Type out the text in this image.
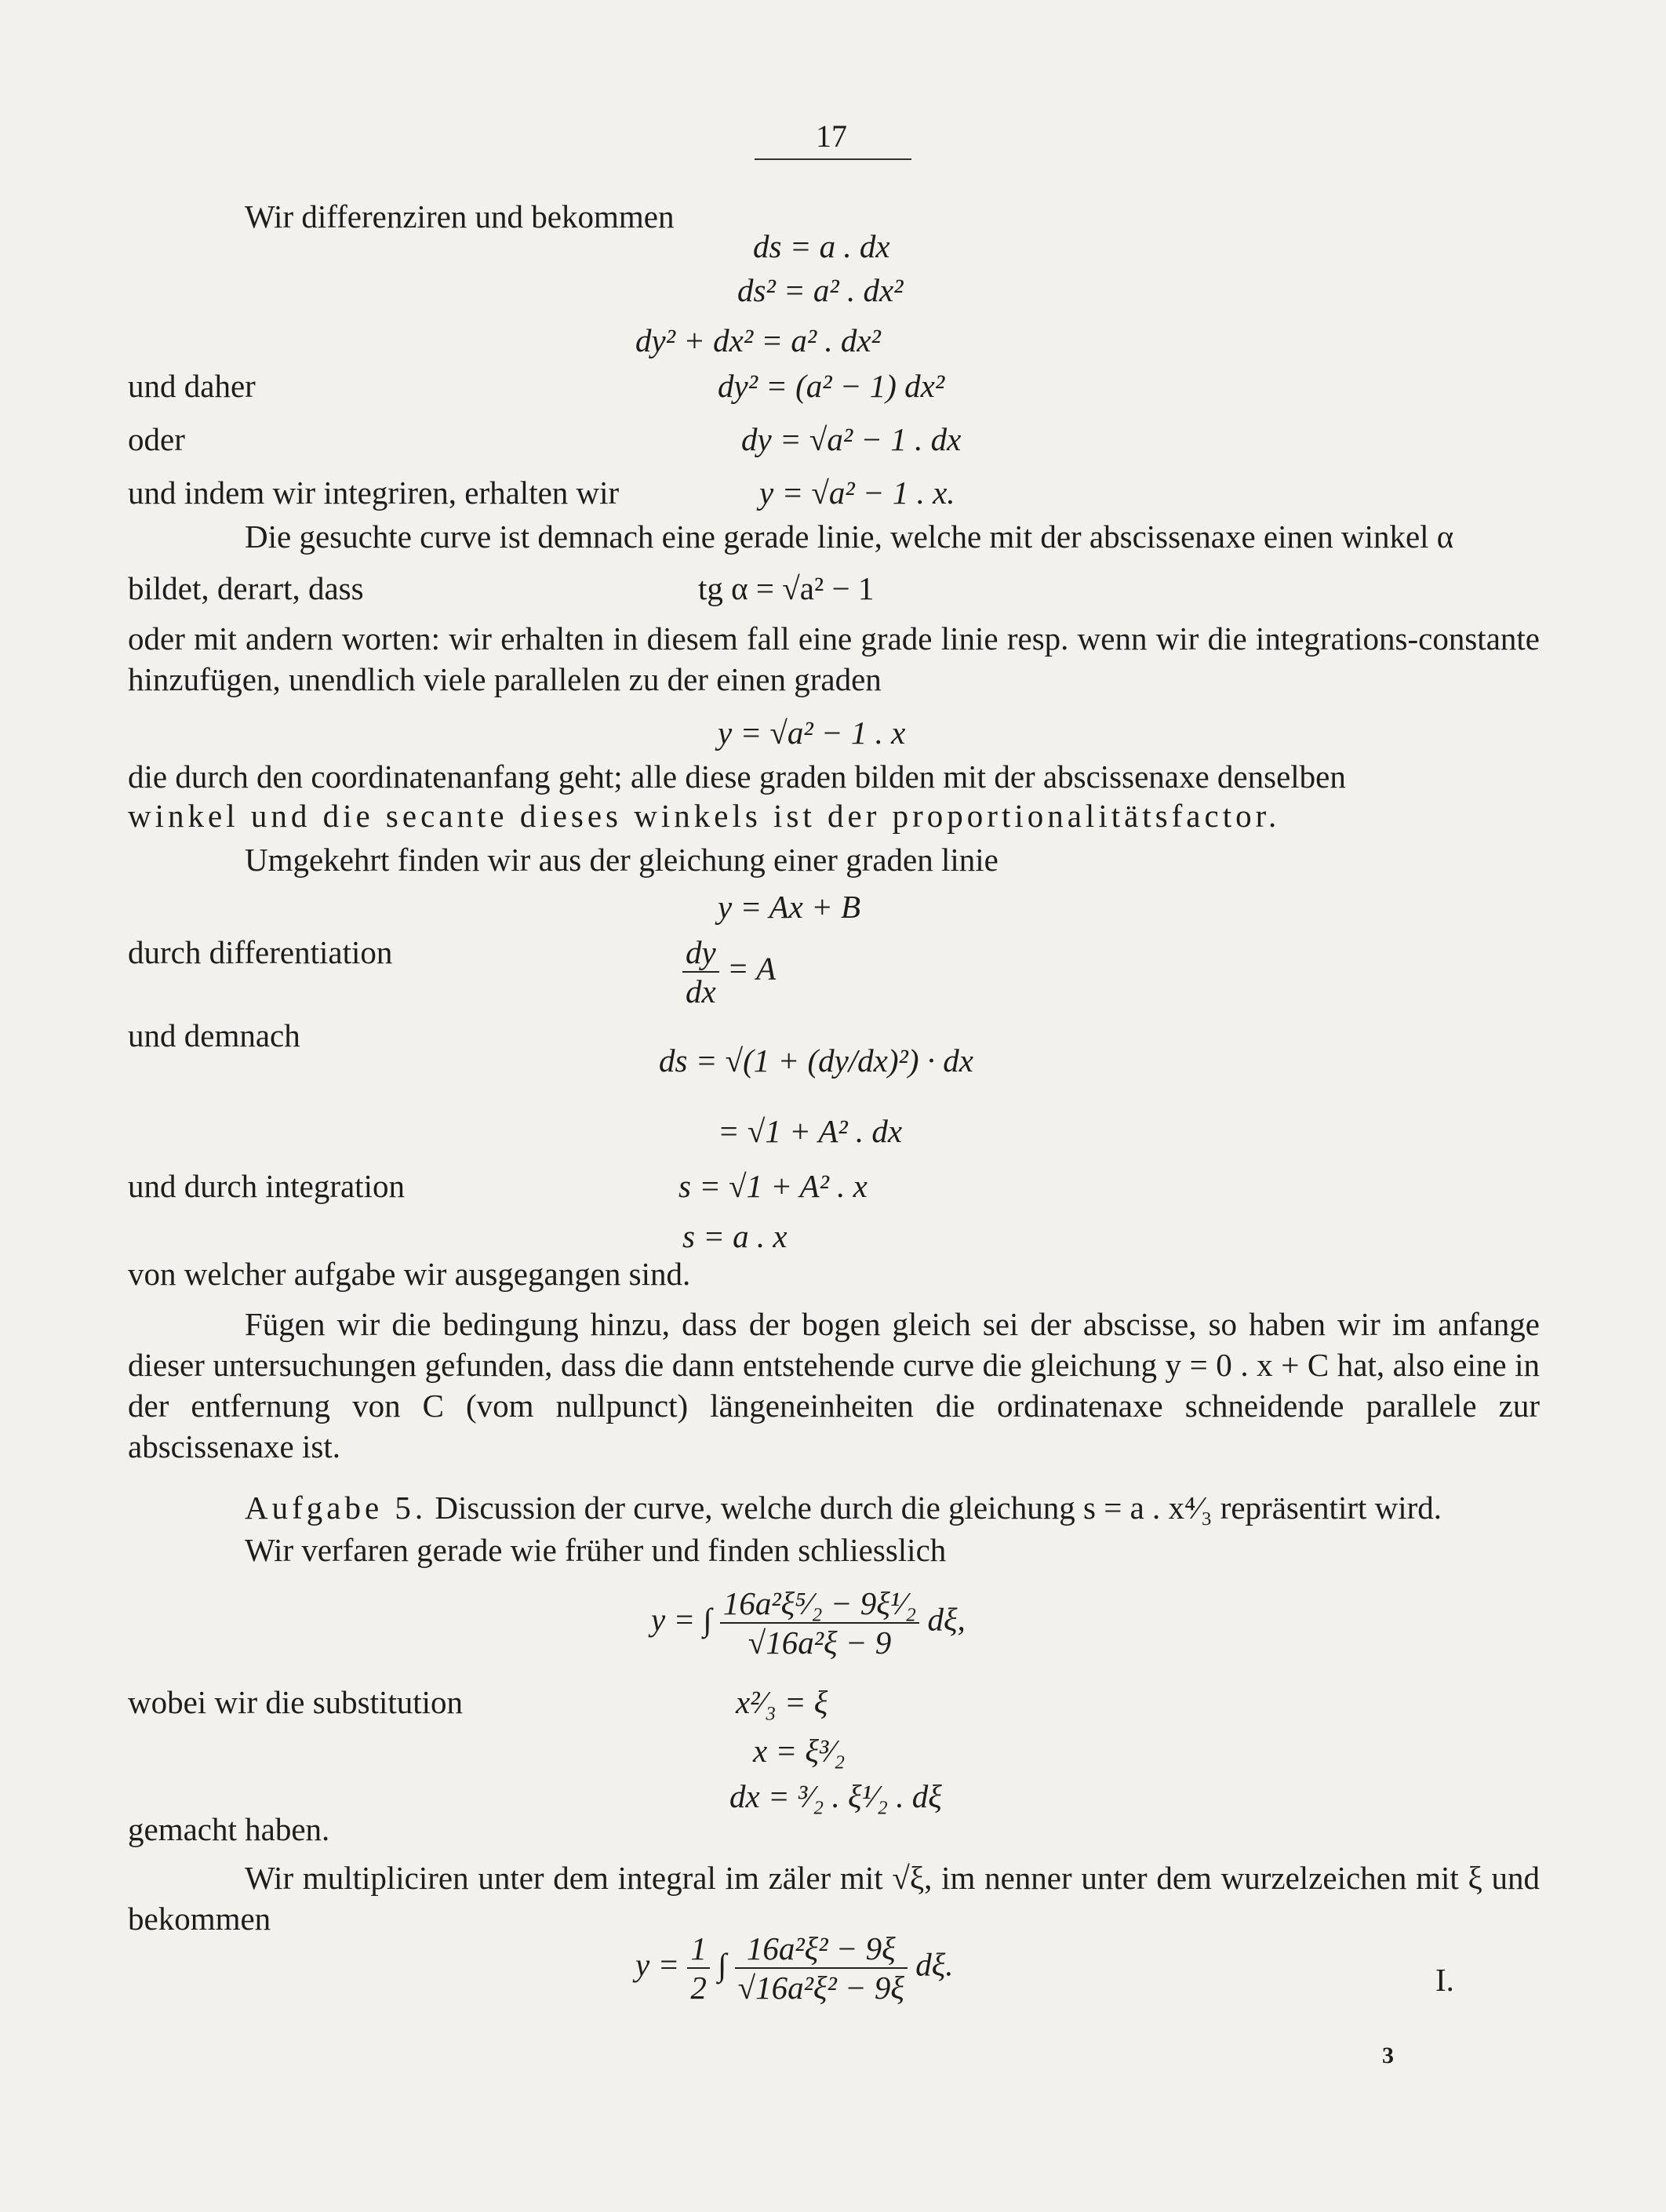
17
Wir differenziren und bekommen
ds = a . dx
ds² = a² . dx²
dy² + dx² = a² . dx²
und daher	dy² = (a² − 1) dx²
oder	dy = √a² − 1 . dx
und indem wir integriren, erhalten wir	y = √a² − 1 . x.
Die gesuchte curve ist demnach eine gerade linie, welche mit der abscissenaxe einen winkel α
bildet, derart, dass	tg α = √a² − 1
oder mit andern worten: wir erhalten in diesem fall eine grade linie resp. wenn wir die integrations-constante hinzufügen, unendlich viele parallelen zu der einen graden
y = √a² − 1 . x
die durch den coordinatenanfang geht; alle diese graden bilden mit der abscissenaxe denselben
winkel und die secante dieses winkels ist der proportionalitätsfactor.
Umgekehrt finden wir aus der gleichung einer graden linie
y = Ax + B
durch differentiation	$\frac{dy}{dx} = A$
und demnach
ds = √(1 + (dy/dx)²) · dx
= √1 + A² . dx
und durch integration	s = √1 + A² . x
s = a . x
von welcher aufgabe wir ausgegangen sind.
Fügen wir die bedingung hinzu, dass der bogen gleich sei der abscisse, so haben wir im anfange dieser untersuchungen gefunden, dass die dann entstehende curve die gleichung y = 0 . x + C hat, also eine in der entfernung von C (vom nullpunct) längeneinheiten die ordinatenaxe schneidende parallele zur abscissenaxe ist.
Aufgabe 5. Discussion der curve, welche durch die gleichung s = a . x⁴⁄₃ repräsentirt wird.
Wir verfaren gerade wie früher und finden schliesslich
y = ∫ $\frac{\text{16a²ξ⁵⁄₂ − 9ξ¹⁄₂}}{\text{√16a²ξ − 9}} d\xi$,
wobei wir die substitution	x²⁄₃ = ξ
x = ξ³⁄₂
dx = ³⁄₂ . ξ¹⁄₂ . dξ
gemacht haben.
Wir multipliciren unter dem integral im zäler mit √ξ, im nenner unter dem wurzelzeichen mit ξ und bekommen
$y = \frac{1}{2}$ ∫ $\frac{\text{16a²ξ² − 9ξ}}{\text{√16a²ξ² − 9ξ}} d\xi$.	I.
3
